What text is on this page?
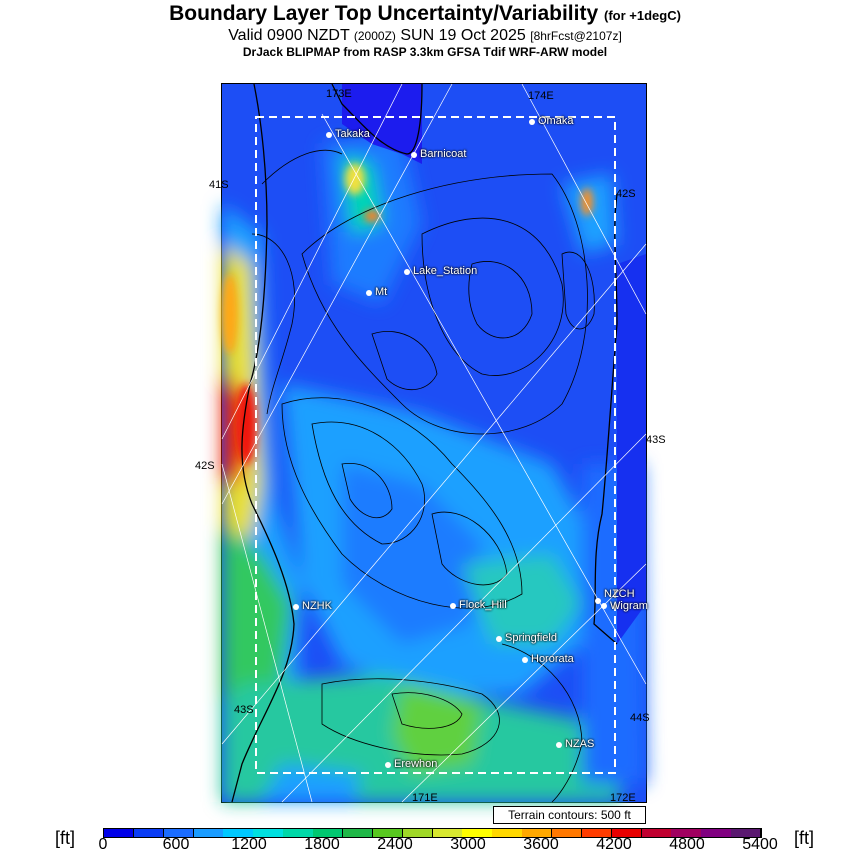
Boundary Layer Top Uncertainty/Variability (for +1degC)
Valid 0900 NZDT (2000Z) SUN 19 Oct 2025 [8hrFcst@2107z]
DrJack BLIPMAP from RASP 3.3km GFSA Tdif WRF-ARW model
173E	174E
42S
43S
44S
171E	172E
41S
42S
43S
Takaka
Omaka
Barnicoat
Lake_Station
Mt
NZHK	Flock_Hill
NZCH
Wigram
Springfield
Hororata
NZAS
Erewhon
Terrain contours: 500 ft
[ft]	[ft]
0	600	1200 1800 2400 3000 3600 4200 4800 5400
